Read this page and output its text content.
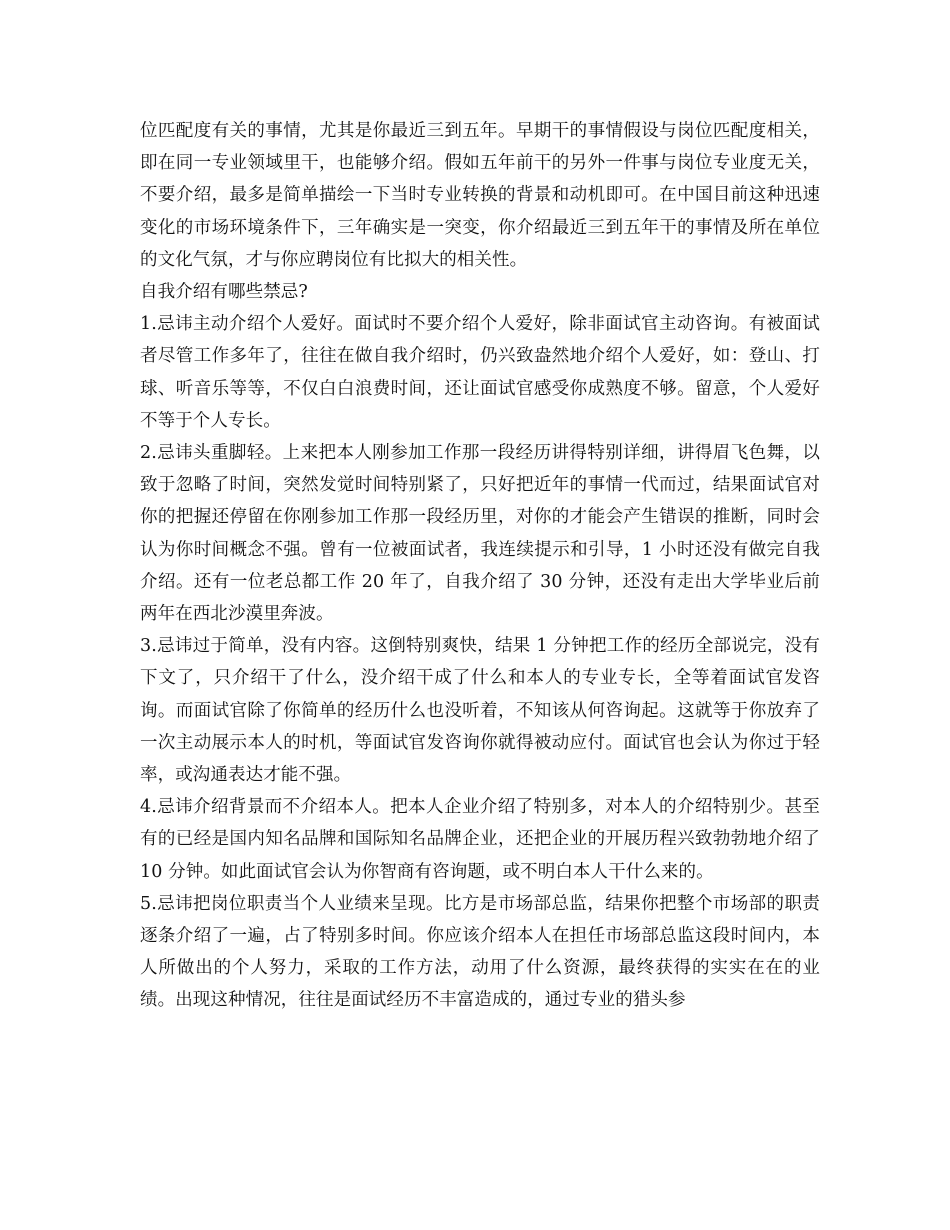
位匹配度有关的事情，尤其是你最近三到五年。早期干的事情假设与岗位匹配度相关，即在同一专业领域里干，也能够介绍。假如五年前干的另外一件事与岗位专业度无关，不要介绍，最多是简单描绘一下当时专业转换的背景和动机即可。在中国目前这种迅速变化的市场环境条件下，三年确实是一突变，你介绍最近三到五年干的事情及所在单位的文化气氛，才与你应聘岗位有比拟大的相关性。

自我介绍有哪些禁忌?

1.忌讳主动介绍个人爱好。面试时不要介绍个人爱好，除非面试官主动咨询。有被面试者尽管工作多年了，往往在做自我介绍时，仍兴致盎然地介绍个人爱好，如：登山、打球、听音乐等等，不仅白白浪费时间，还让面试官感受你成熟度不够。留意，个人爱好不等于个人专长。

2.忌讳头重脚轻。上来把本人刚参加工作那一段经历讲得特别详细，讲得眉飞色舞，以致于忽略了时间，突然发觉时间特别紧了，只好把近年的事情一代而过，结果面试官对你的把握还停留在你刚参加工作那一段经历里，对你的才能会产生错误的推断，同时会认为你时间概念不强。曾有一位被面试者，我连续提示和引导，1 小时还没有做完自我介绍。还有一位老总都工作 20 年了，自我介绍了 30 分钟，还没有走出大学毕业后前两年在西北沙漠里奔波。

3.忌讳过于简单，没有内容。这倒特别爽快，结果 1 分钟把工作的经历全部说完，没有下文了，只介绍干了什么，没介绍干成了什么和本人的专业专长，全等着面试官发咨询。而面试官除了你简单的经历什么也没听着，不知该从何咨询起。这就等于你放弃了一次主动展示本人的时机，等面试官发咨询你就得被动应付。面试官也会认为你过于轻率，或沟通表达才能不强。

4.忌讳介绍背景而不介绍本人。把本人企业介绍了特别多，对本人的介绍特别少。甚至有的已经是国内知名品牌和国际知名品牌企业，还把企业的开展历程兴致勃勃地介绍了 10 分钟。如此面试官会认为你智商有咨询题，或不明白本人干什么来的。

5.忌讳把岗位职责当个人业绩来呈现。比方是市场部总监，结果你把整个市场部的职责逐条介绍了一遍，占了特别多时间。你应该介绍本人在担任市场部总监这段时间内，本人所做出的个人努力，采取的工作方法，动用了什么资源，最终获得的实实在在的业绩。出现这种情况，往往是面试经历不丰富造成的，通过专业的猎头参
